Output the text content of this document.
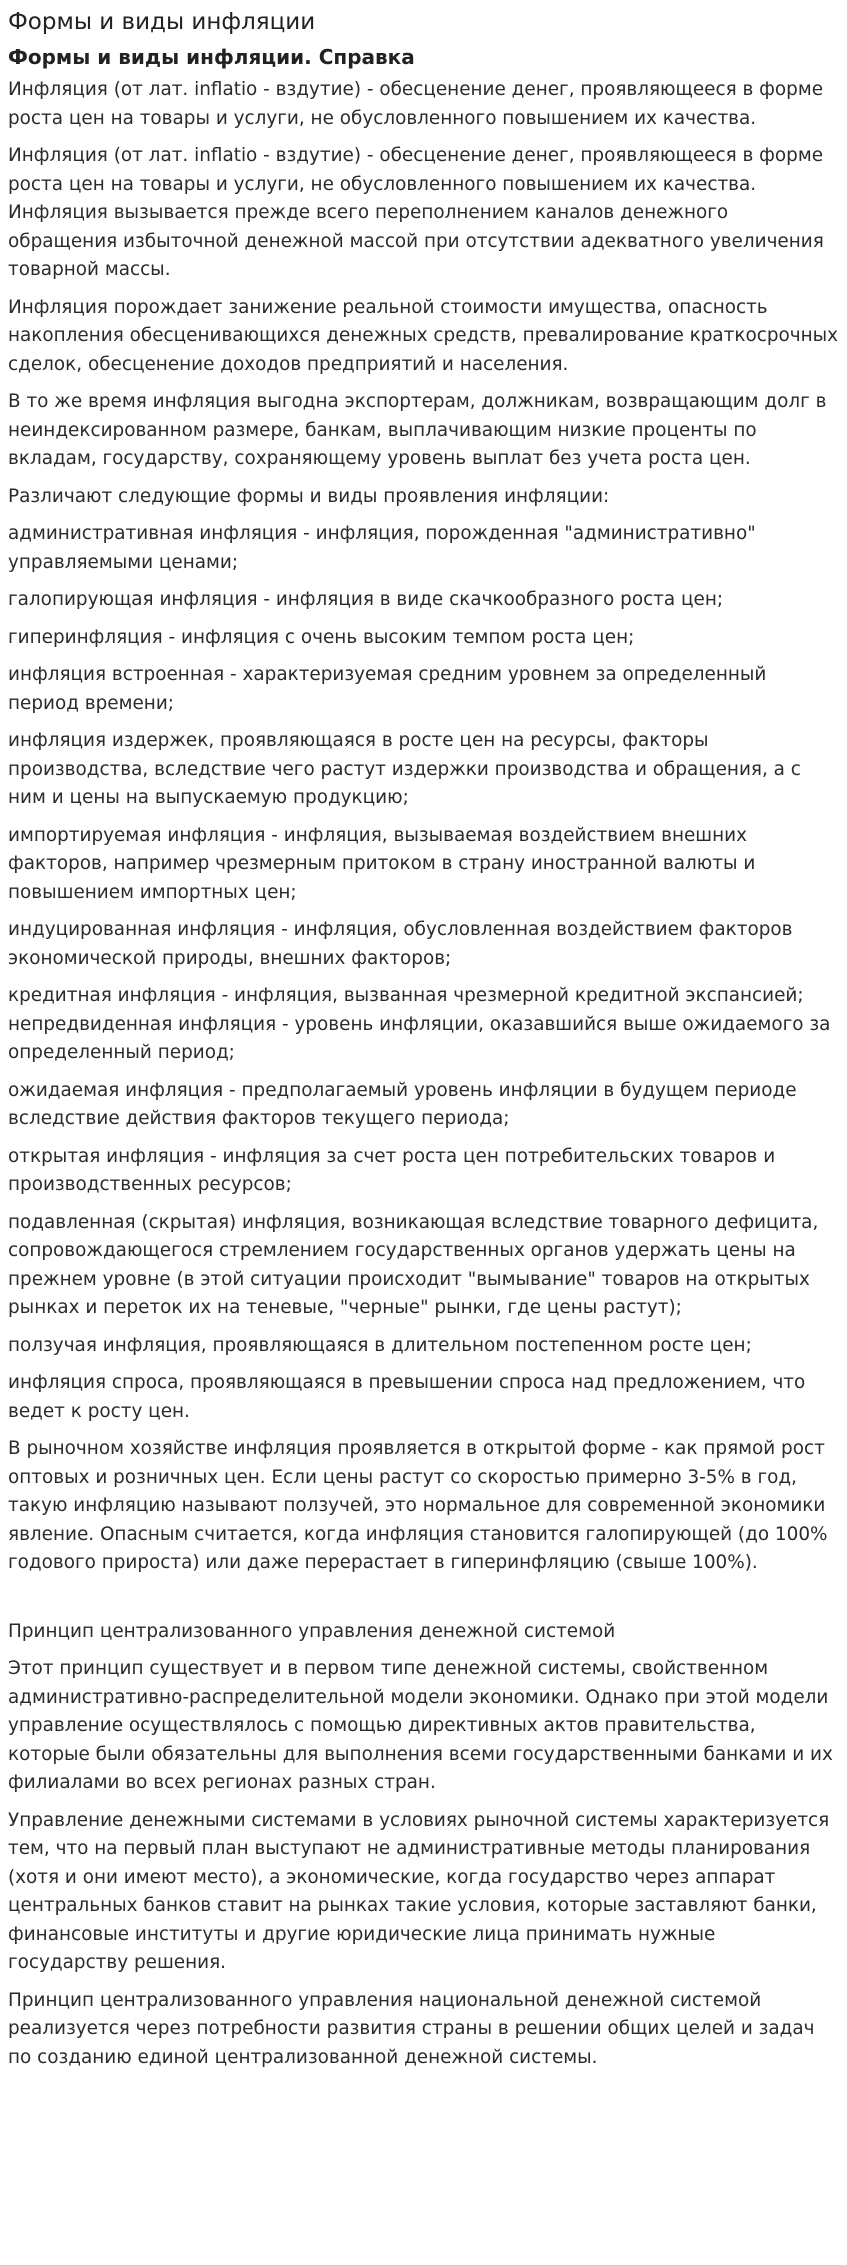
Формы и виды инфляции
Формы и виды инфляции. Справка

Инфляция (от лат. inflatio - вздутие) - обесценение денег, проявляющееся в форме роста цен на товары и услуги, не обусловленного повышением их качества.

Инфляция (от лат. inflatio - вздутие) - обесценение денег, проявляющееся в форме роста цен на товары и услуги, не обусловленного повышением их качества. Инфляция вызывается прежде всего переполнением каналов денежного обращения избыточной денежной массой при отсутствии адекватного увеличения товарной массы.

Инфляция порождает занижение реальной стоимости имущества, опасность накопления обесценивающихся денежных средств, превалирование краткосрочных сделок, обесценение доходов предприятий и населения.

В то же время инфляция выгодна экспортерам, должникам, возвращающим долг в неиндексированном размере, банкам, выплачивающим низкие проценты по вкладам, государству, сохраняющему уровень выплат без учета роста цен.

Различают следующие формы и виды проявления инфляции:

административная инфляция - инфляция, порожденная "административно" управляемыми ценами;

галопирующая инфляция - инфляция в виде скачкообразного роста цен;

гиперинфляция - инфляция с очень высоким темпом роста цен;

инфляция встроенная - характеризуемая средним уровнем за определенный период времени;

инфляция издержек, проявляющаяся в росте цен на ресурсы, факторы производства, вследствие чего растут издержки производства и обращения, а с ним и цены на выпускаемую продукцию;

импортируемая инфляция - инфляция, вызываемая воздействием внешних факторов, например чрезмерным притоком в страну иностранной валюты и повышением импортных цен;

индуцированная инфляция - инфляция, обусловленная воздействием факторов экономической природы, внешних факторов;

кредитная инфляция - инфляция, вызванная чрезмерной кредитной экспансией; непредвиденная инфляция - уровень инфляции, оказавшийся выше ожидаемого за определенный период;

ожидаемая инфляция - предполагаемый уровень инфляции в будущем периоде вследствие действия факторов текущего периода;

открытая инфляция - инфляция за счет роста цен потребительских товаров и производственных ресурсов;

подавленная (скрытая) инфляция, возникающая вследствие товарного дефицита, сопровождающегося стремлением государственных органов удержать цены на прежнем уровне (в этой ситуации происходит "вымывание" товаров на открытых рынках и переток их на теневые, "черные" рынки, где цены растут);

ползучая инфляция, проявляющаяся в длительном постепенном росте цен;

инфляция спроса, проявляющаяся в превышении спроса над предложением, что ведет к росту цен.

В рыночном хозяйстве инфляция проявляется в открытой форме - как прямой рост оптовых и розничных цен. Если цены растут со скоростью примерно 3-5% в год, такую инфляцию называют ползучей, это нормальное для современной экономики явление. Опасным считается, когда инфляция становится галопирующей (до 100% годового прироста) или даже перерастает в гиперинфляцию (свыше 100%).

Принцип централизованного управления денежной системой

Этот принцип существует и в первом типе денежной системы, свойственном административно-распределительной модели экономики. Однако при этой модели управление осуществлялось с помощью директивных актов правительства, которые были обязательны для выполнения всеми государственными банками и их филиалами во всех регионах разных стран.

Управление денежными системами в условиях рыночной системы характеризуется тем, что на первый план выступают не административные методы планирования (хотя и они имеют место), а экономические, когда государство через аппарат центральных банков ставит на рынках такие условия, которые заставляют банки, финансовые институты и другие юридические лица принимать нужные государству решения.

Принцип централизованного управления национальной денежной системой реализуется через потребности развития страны в решении общих целей и задач по созданию единой централизованной денежной системы.
